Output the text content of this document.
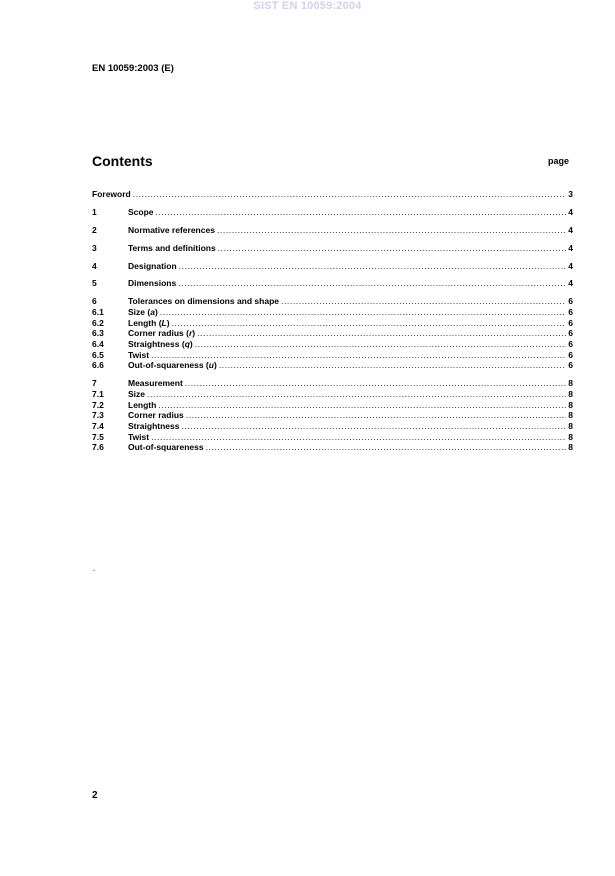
SIST EN 10059:2004
EN 10059:2003 (E)
Contents	page
Foreword .....	3
1	Scope .....	4
2	Normative references .....	4
3	Terms and definitions .....	4
4	Designation .....	4
5	Dimensions .....	4
6	Tolerances on dimensions and shape .....	6
6.1	Size (a) .....	6
6.2	Length (L) .....	6
6.3	Corner radius (r) .....	6
6.4	Straightness (q) .....	6
6.5	Twist .....	6
6.6	Out-of-squareness (u) .....	6
7	Measurement .....	8
7.1	Size .....	8
7.2	Length .....	8
7.3	Corner radius .....	8
7.4	Straightness .....	8
7.5	Twist .....	8
7.6	Out-of-squareness .....	8
´
2
